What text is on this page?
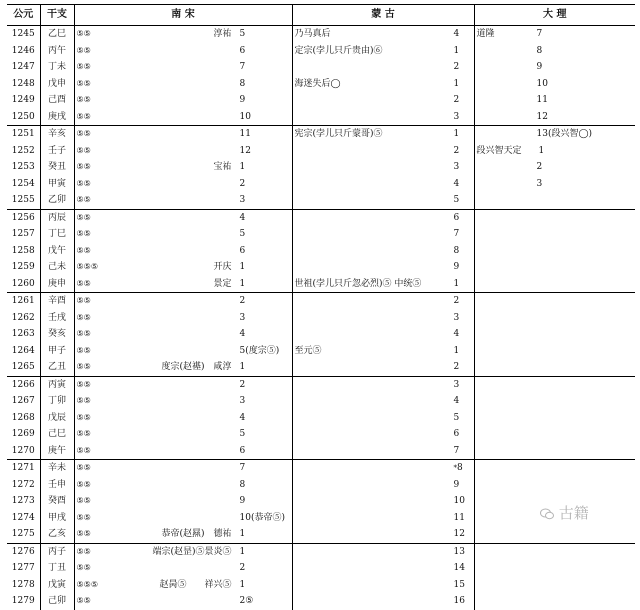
公元	干支	南 宋		蒙 古	大 理
1245	乙巳	⑤⑤	淳祐 5	乃马真后 4	道隆 7

1246	丙午	⑤⑤	6	定宗(孛儿只斤贵由)⑥ 1	8

1247	丁未	⑤⑤	7	2	9

1248	戊申	⑤⑤	8	海迷失后◯ 1	10

1249	己酉	⑤⑤	9	2	11

1250	庚戌	⑤⑤	10	3	12

1251	辛亥	⑤⑤	11	宪宗(孛儿只斤蒙哥)⑤ 1	13(段兴智◯)

1252	壬子	⑤⑤	12	2	段兴智天定 1

1253	癸丑	⑤⑤	宝祐 1	3	2

1254	甲寅	⑤⑤	2	4	3

1255	乙卯	⑤⑤	3	5	

1256	丙辰	⑤⑤	4	6	

1257	丁巳	⑤⑤	5	7	

1258	戊午	⑤⑤	6	8	

1259	己未	⑤⑤⑤	开庆 1	9	

1260	庚申	⑤⑤	景定 1	世祖(孛儿只斤忽必烈)⑤ 中统⑤ 1	

1261	辛酉	⑤⑤	2	2	

1262	壬戌	⑤⑤	3	3	

1263	癸亥	⑤⑤	4	4	

1264	甲子	⑤⑤	5(度宗⑤)	至元⑤ 1	

1265	乙丑	⑤⑤	度宗(赵禥)　咸淳 1	2	

1266	丙寅	⑤⑤	2	3	

1267	丁卯	⑤⑤	3	4	

1268	戊辰	⑤⑤	4	5	

1269	己巳	⑤⑤	5	6	

1270	庚午	⑤⑤	6	7	

1271	辛未	⑤⑤	7	*8	

1272	壬申	⑤⑤	8	9	

1273	癸酉	⑤⑤	9	10	

1274	甲戌	⑤⑤	10(恭帝⑤)	11	

1275	乙亥	⑤⑤	恭帝(赵㬎)　德祐 1	12	

1276	丙子	⑤⑤	端宗(赵昰)⑤景炎⑤ 1	13	

1277	丁丑	⑤⑤	2	14	

1278	戊寅	⑤⑤⑤	赵昺⑤　　祥兴⑤ 1	15	

1279	己卯	⑤⑤	2⑤	16	

古籍
